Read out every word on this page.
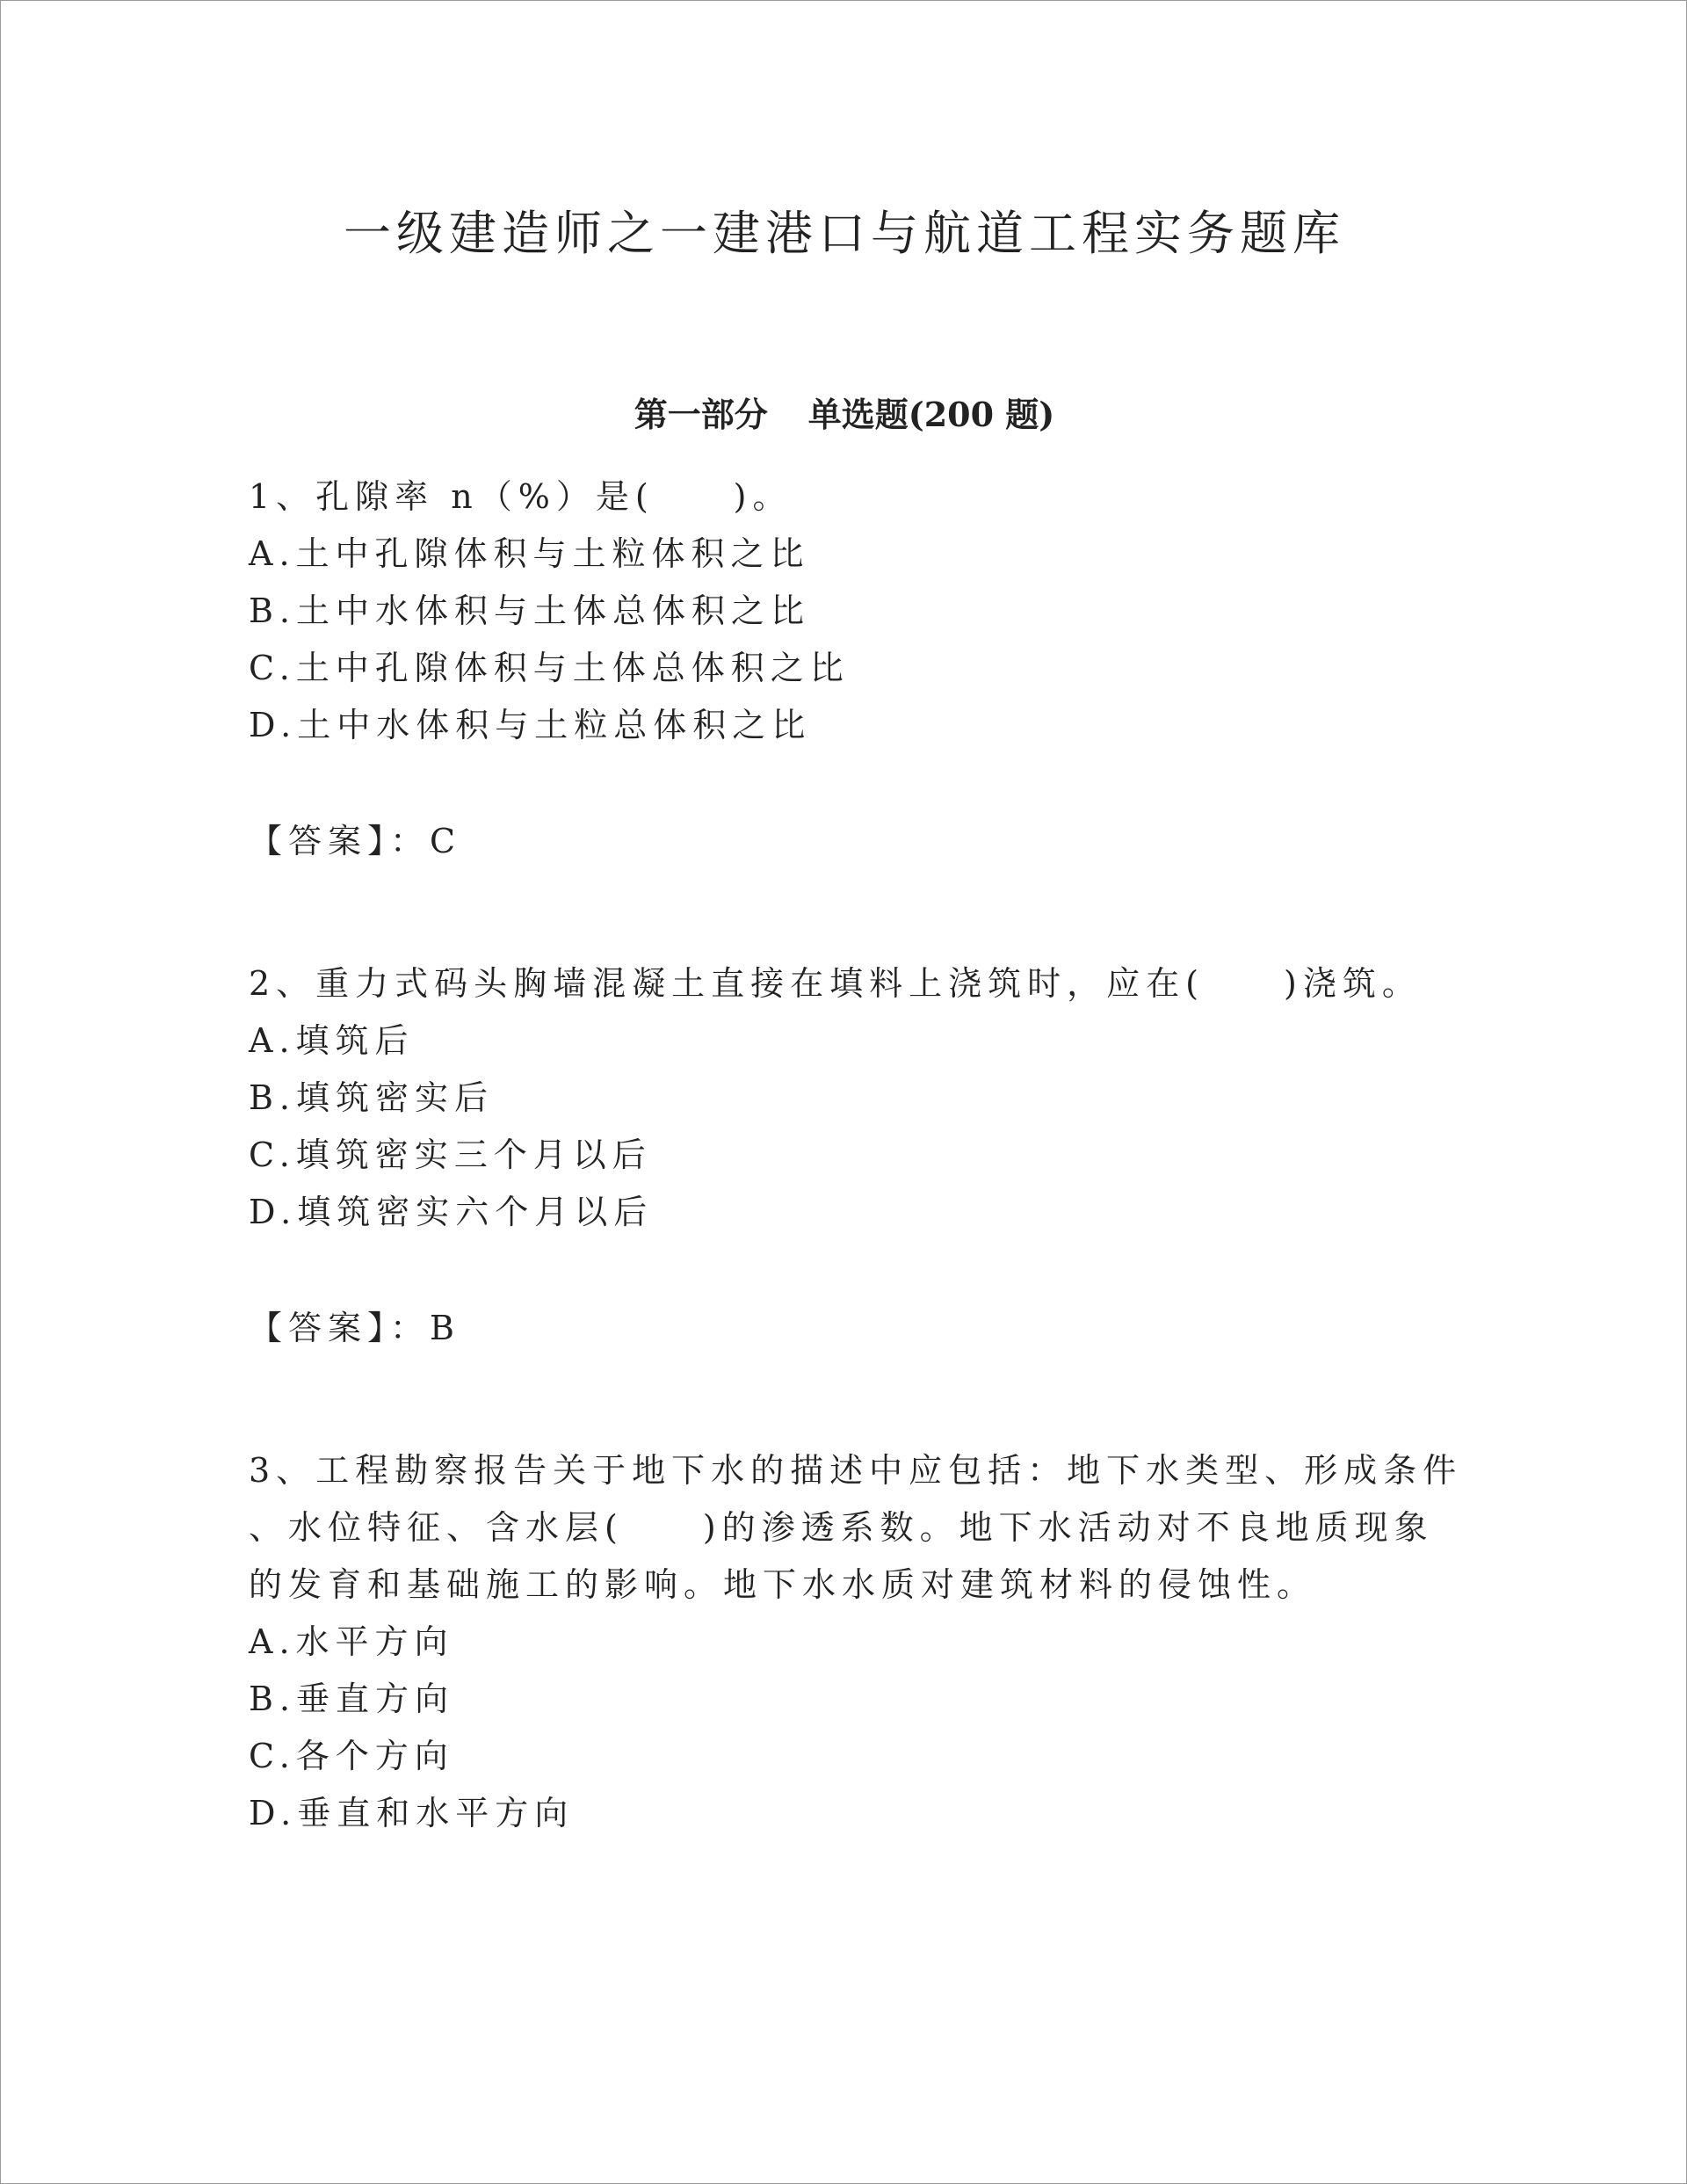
一级建造师之一建港口与航道工程实务题库
第一部分 单选题(200 题)
1、孔隙率 n（%）是(　　)。
A.土中孔隙体积与土粒体积之比
B.土中水体积与土体总体积之比
C.土中孔隙体积与土体总体积之比
D.土中水体积与土粒总体积之比
【答案】：C
2、重力式码头胸墙混凝土直接在填料上浇筑时，应在(　　)浇筑。
A.填筑后
B.填筑密实后
C.填筑密实三个月以后
D.填筑密实六个月以后
【答案】：B
3、工程勘察报告关于地下水的描述中应包括：地下水类型、形成条件
、水位特征、含水层(　　)的渗透系数。地下水活动对不良地质现象
的发育和基础施工的影响。地下水水质对建筑材料的侵蚀性。
A.水平方向
B.垂直方向
C.各个方向
D.垂直和水平方向
